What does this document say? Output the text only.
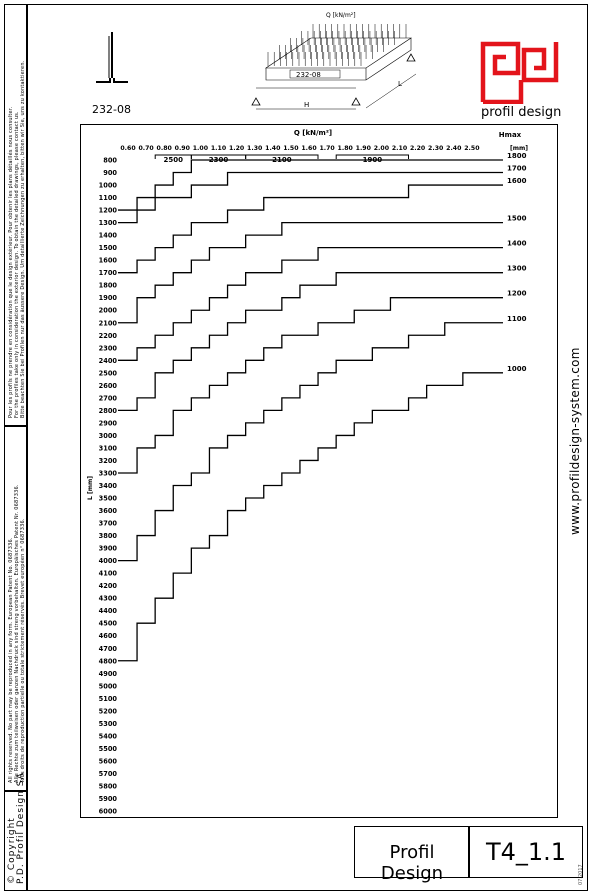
Pour les profils ne prendre en considération que le design extérieur. Pour obtenir les plans détaillés nous consulter. For the profiles take only in consideration the exterior design. To obtain the detailed drawings, please contact us. Bitte beachten Sie bei Profilen nur das äussere Design. Um detaillierte Zeichnungen zu erhalten, bitten wir Sie, uns zu kontaktieren.
All rights reserved. No part may be reproduced in any form. European Patent No. 0687336. Alle Rechte zum teilweisen oder ganzen Nachdruck sind streng vorbehalten. Europäisches Patent Nr. 0687336. Tous droits de reproduction partielle ou totale strictement réservés. Brevet européen n° 0687336.
© Copyright P.D. Profil Design SA
232-08
Q [kN/m²]
232-08
H
L
profil design
www.profildesign-system.com
Q [kN/m²]	Hmax
[mm]
L [mm]
0.60 0.70 0.80 0.90 1.00 1.10 1.20 1.30 1.40 1.50 1.60 1.70 1.80 1.90 2.00 2.10 2.20 2.30 2.40 2.50
800
900
1000
1100
1200
1300
1400
1500
1600
1700
1800
1900
2000
2100
2200
2300
2400
2500
2600
2700
2800
2900
3000
3100
3200
3300
3400
3500
3600
3700
3800
3900
4000
4100
4200
4300
4400
4500
4600
4700
4800
4900
5000
5100
5200
5300
5400
5500
5600
5700
5800
5900
6000
2500	2300	2100	1900	1800
1700
1600
1500
1400
1300
1200
1100
1000
Profil Design
T4_1.1
07.2017
